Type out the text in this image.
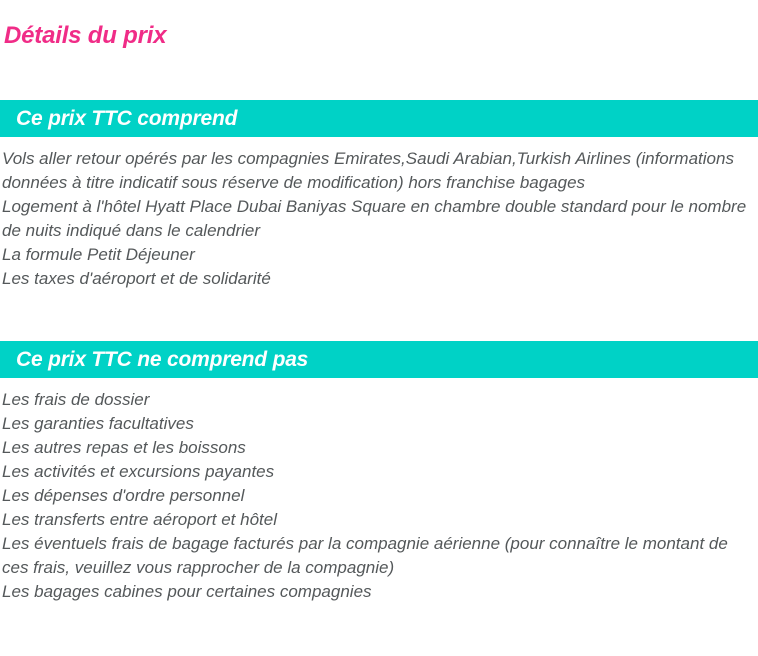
Détails du prix
Ce prix TTC comprend

Vols aller retour opérés par les compagnies Emirates,Saudi Arabian,Turkish Airlines (informations données à titre indicatif sous réserve de modification) hors franchise bagages

Logement à l'hôtel Hyatt Place Dubai Baniyas Square en chambre double standard pour le nombre de nuits indiqué dans le calendrier

La formule Petit Déjeuner

Les taxes d'aéroport et de solidarité

Ce prix TTC ne comprend pas

Les frais de dossier

Les garanties facultatives

Les autres repas et les boissons

Les activités et excursions payantes

Les dépenses d'ordre personnel

Les transferts entre aéroport et hôtel

Les éventuels frais de bagage facturés par la compagnie aérienne (pour connaître le montant de ces frais, veuillez vous rapprocher de la compagnie)

Les bagages cabines pour certaines compagnies
